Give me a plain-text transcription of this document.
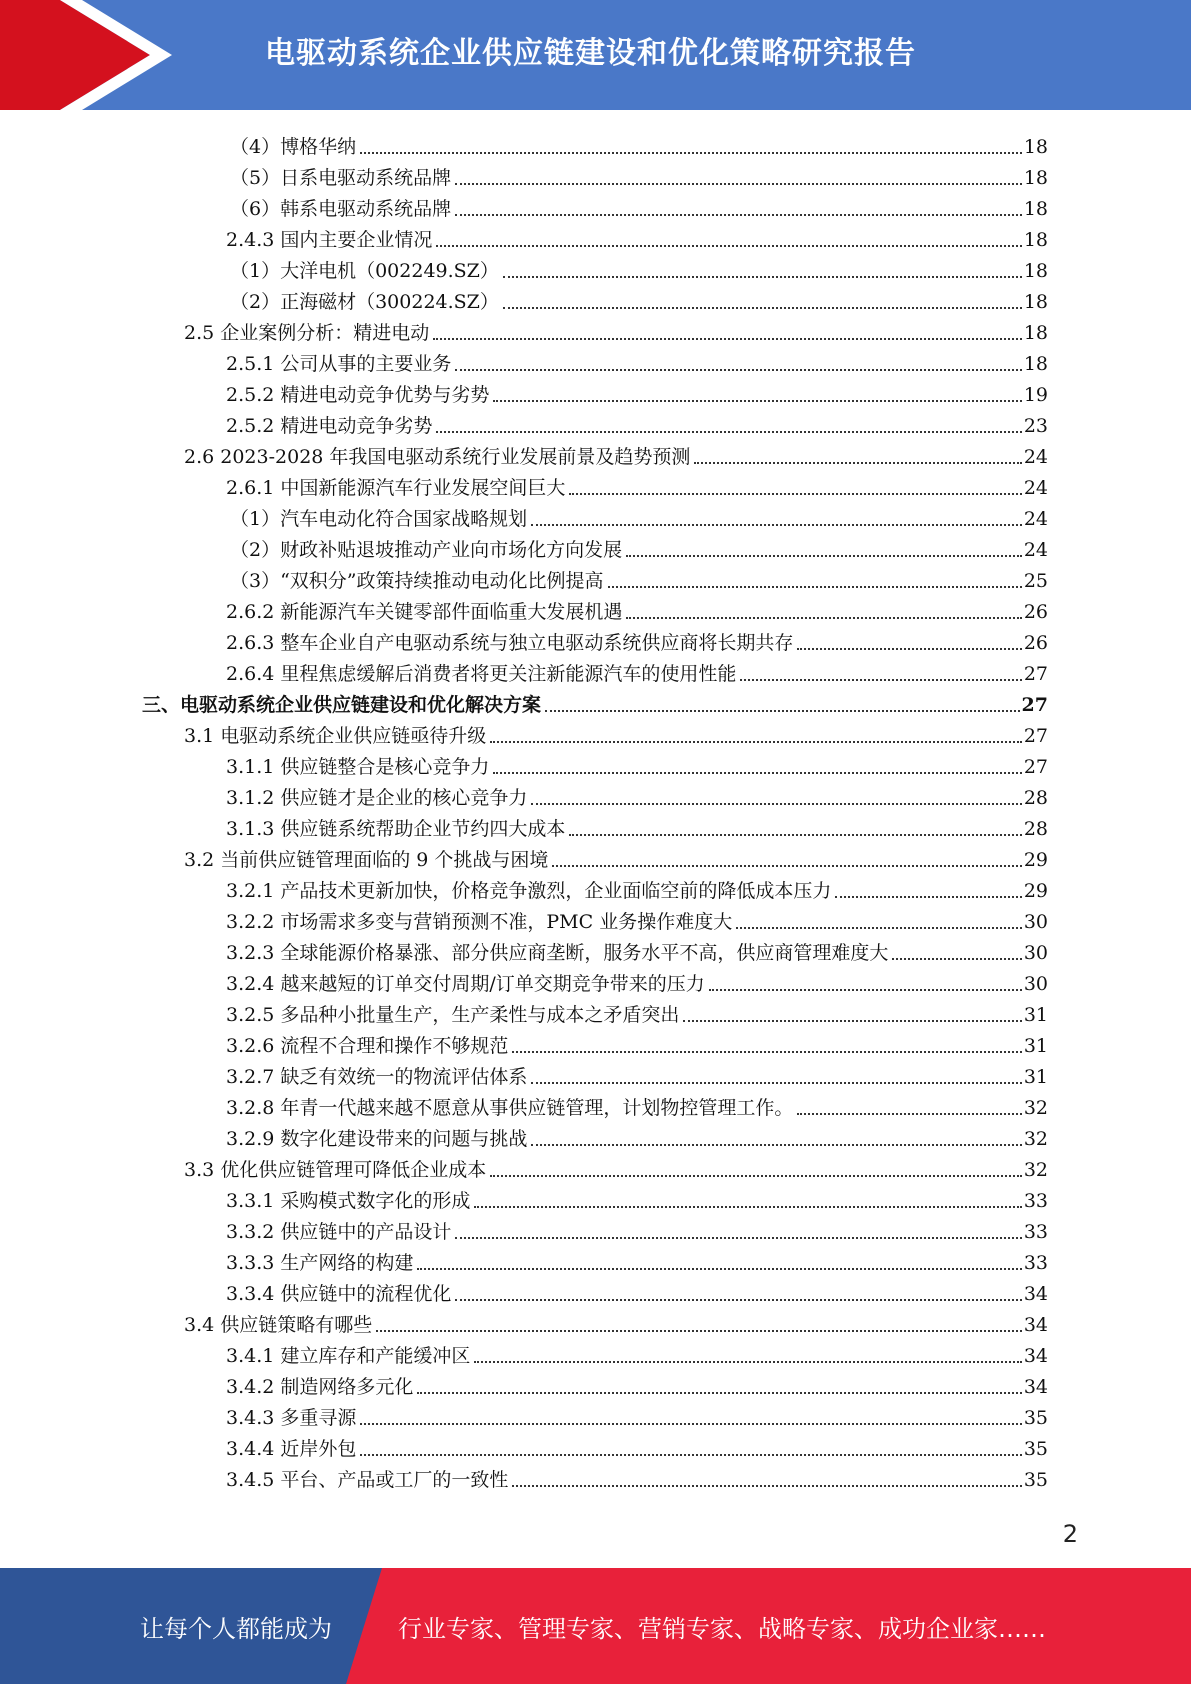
电驱动系统企业供应链建设和优化策略研究报告
（4）博格华纳	18
（5）日系电驱动系统品牌	18
（6）韩系电驱动系统品牌	18
2.4.3 国内主要企业情况	18
（1）大洋电机（002249.SZ）	18
（2）正海磁材（300224.SZ）	18
2.5 企业案例分析：精进电动	18
2.5.1 公司从事的主要业务	18
2.5.2 精进电动竞争优势与劣势	19
2.5.2 精进电动竞争劣势	23
2.6 2023-2028 年我国电驱动系统行业发展前景及趋势预测	24
2.6.1 中国新能源汽车行业发展空间巨大	24
（1）汽车电动化符合国家战略规划	24
（2）财政补贴退坡推动产业向市场化方向发展	24
（3）“双积分”政策持续推动电动化比例提高	25
2.6.2 新能源汽车关键零部件面临重大发展机遇	26
2.6.3 整车企业自产电驱动系统与独立电驱动系统供应商将长期共存	26
2.6.4 里程焦虑缓解后消费者将更关注新能源汽车的使用性能	27
三、电驱动系统企业供应链建设和优化解决方案	27
3.1 电驱动系统企业供应链亟待升级	27
3.1.1 供应链整合是核心竞争力	27
3.1.2 供应链才是企业的核心竞争力	28
3.1.3 供应链系统帮助企业节约四大成本	28
3.2 当前供应链管理面临的 9 个挑战与困境	29
3.2.1 产品技术更新加快，价格竞争激烈，企业面临空前的降低成本压力	29
3.2.2 市场需求多变与营销预测不准，PMC 业务操作难度大	30
3.2.3 全球能源价格暴涨、部分供应商垄断，服务水平不高，供应商管理难度大	30
3.2.4 越来越短的订单交付周期/订单交期竞争带来的压力	30
3.2.5 多品种小批量生产，生产柔性与成本之矛盾突出	31
3.2.6 流程不合理和操作不够规范	31
3.2.7 缺乏有效统一的物流评估体系	31
3.2.8 年青一代越来越不愿意从事供应链管理，计划物控管理工作。	32
3.2.9 数字化建设带来的问题与挑战	32
3.3 优化供应链管理可降低企业成本	32
3.3.1 采购模式数字化的形成	33
3.3.2 供应链中的产品设计	33
3.3.3 生产网络的构建	33
3.3.4 供应链中的流程优化	34
3.4 供应链策略有哪些	34
3.4.1 建立库存和产能缓冲区	34
3.4.2 制造网络多元化	34
3.4.3 多重寻源	35
3.4.4 近岸外包	35
3.4.5 平台、产品或工厂的一致性	35
2
让每个人都能成为	行业专家、管理专家、营销专家、战略专家、成功企业家……
